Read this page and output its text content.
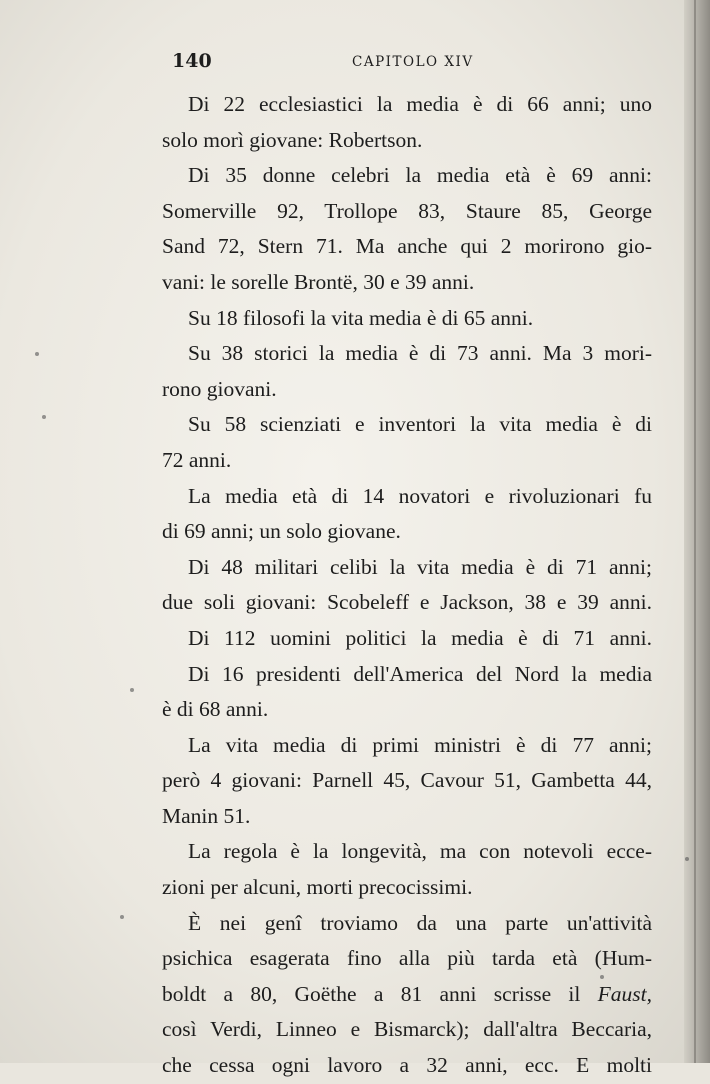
140	CAPITOLO XIV
Di 22 ecclesiastici la media è di 66 anni; uno
solo morì giovane: Robertson.
Di 35 donne celebri la media età è 69 anni:
Somerville 92, Trollope 83, Staure 85, George
Sand 72, Stern 71. Ma anche qui 2 morirono gio-
vani: le sorelle Brontë, 30 e 39 anni.
Su 18 filosofi la vita media è di 65 anni.
Su 38 storici la media è di 73 anni. Ma 3 mori-
rono giovani.
Su 58 scienziati e inventori la vita media è di
72 anni.
La media età di 14 novatori e rivoluzionari fu
di 69 anni; un solo giovane.
Di 48 militari celibi la vita media è di 71 anni;
due soli giovani: Scobeleff e Jackson, 38 e 39 anni.
Di 112 uomini politici la media è di 71 anni.
Di 16 presidenti dell'America del Nord la media
è di 68 anni.
La vita media di primi ministri è di 77 anni;
però 4 giovani: Parnell 45, Cavour 51, Gambetta 44,
Manin 51.
La regola è la longevità, ma con notevoli ecce-
zioni per alcuni, morti precocissimi.
È nei genî troviamo da una parte un'attività
psichica esagerata fino alla più tarda età (Hum-
boldt a 80, Goëthe a 81 anni scrisse il Faust,
così Verdi, Linneo e Bismarck); dall'altra Beccaria,
che cessa ogni lavoro a 32 anni, ecc. E molti
